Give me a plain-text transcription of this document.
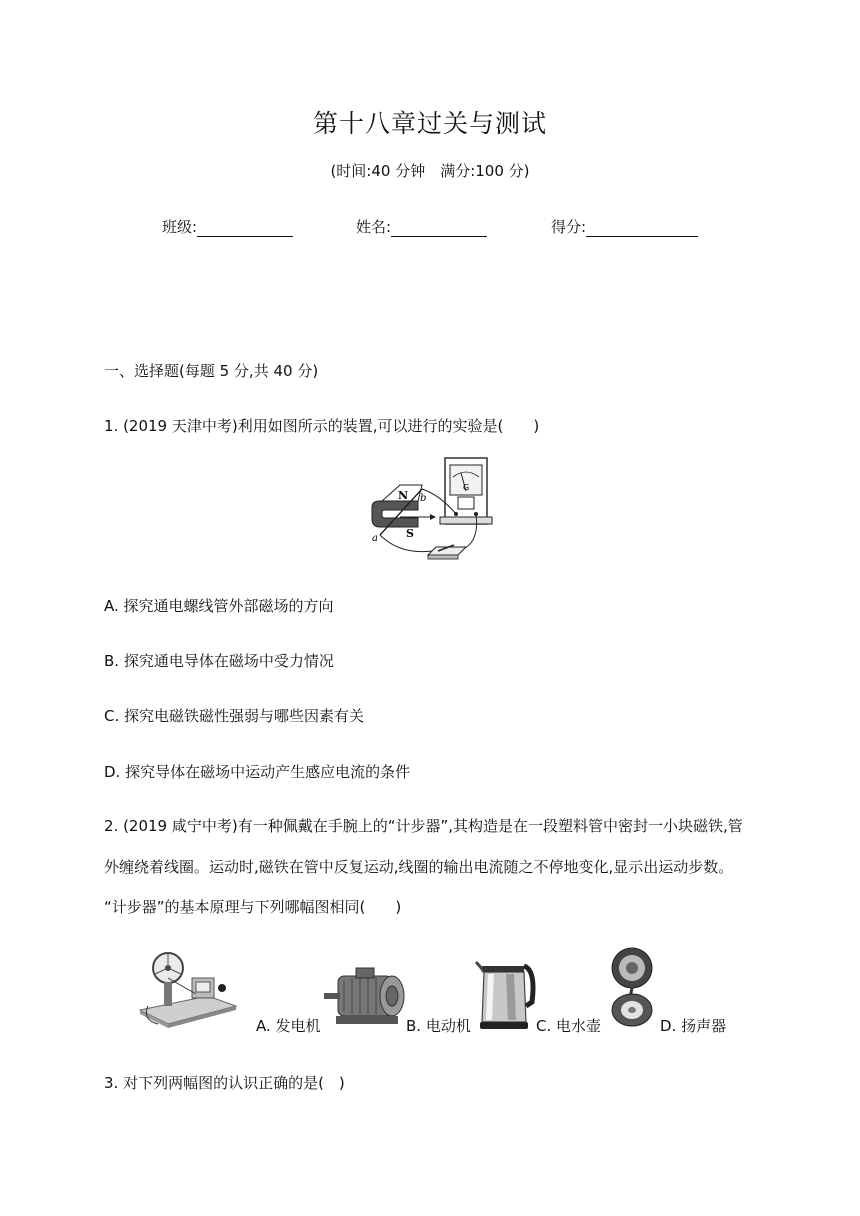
第十八章过关与测试
(时间:40 分钟　满分:100 分)
班级:	姓名:	得分:
一、选择题(每题 5 分,共 40 分)
1. (2019 天津中考)利用如图所示的装置,可以进行的实验是(　　)
G
N
S
b
a
A. 探究通电螺线管外部磁场的方向
B. 探究通电导体在磁场中受力情况
C. 探究电磁铁磁性强弱与哪些因素有关
D. 探究导体在磁场中运动产生感应电流的条件
2. (2019 咸宁中考)有一种佩戴在手腕上的“计步器”,其构造是在一段塑料管中密封一小块磁铁,管
外缠绕着线圈。运动时,磁铁在管中反复运动,线圈的输出电流随之不停地变化,显示出运动步数。
“计步器”的基本原理与下列哪幅图相同(　　)
A. 发电机	B. 电动机	C. 电水壶	D. 扬声器
3. 对下列两幅图的认识正确的是(　)
